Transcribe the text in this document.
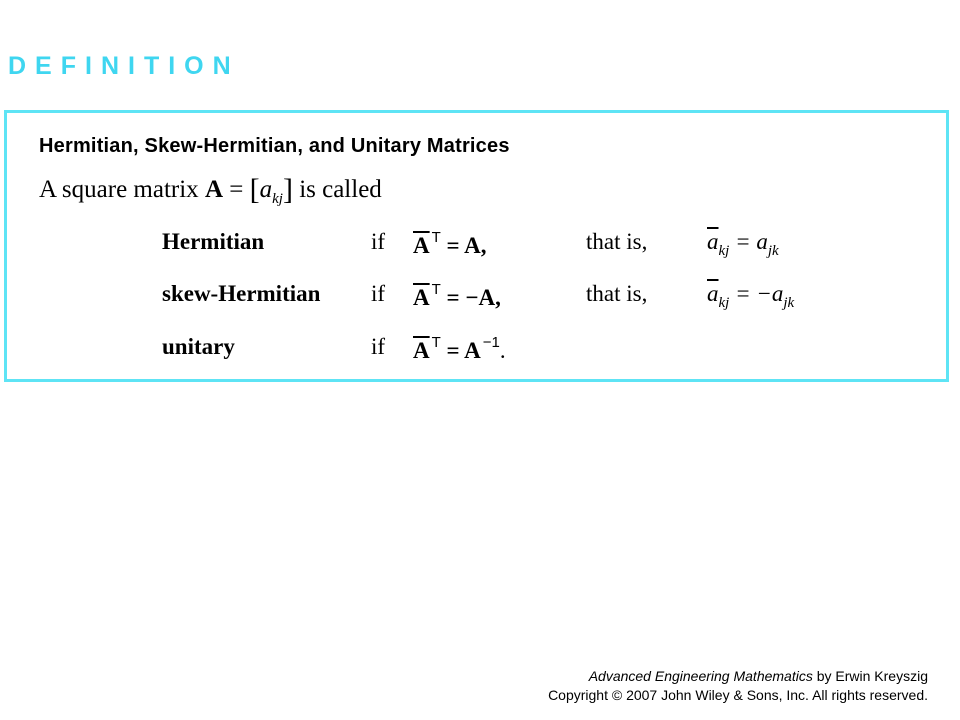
DEFINITION
Hermitian, Skew-Hermitian, and Unitary Matrices
A square matrix $A = [a_{kj}]$ is called
Hermitian	if $\overline{A}$ $^T$ = A,	that is,	$\overline{a}_{kj} = a_{jk}$
skew-Hermitian if $\overline{A}$ $^T$ = −A,	that is,	$\overline{a}_{kj} = -a_{jk}$
unitary	if $\overline{A}$ $^T$ = A $^{-1}$.
Advanced Engineering Mathematics by Erwin Kreyszig
Copyright © 2007 John Wiley & Sons, Inc. All rights reserved.
